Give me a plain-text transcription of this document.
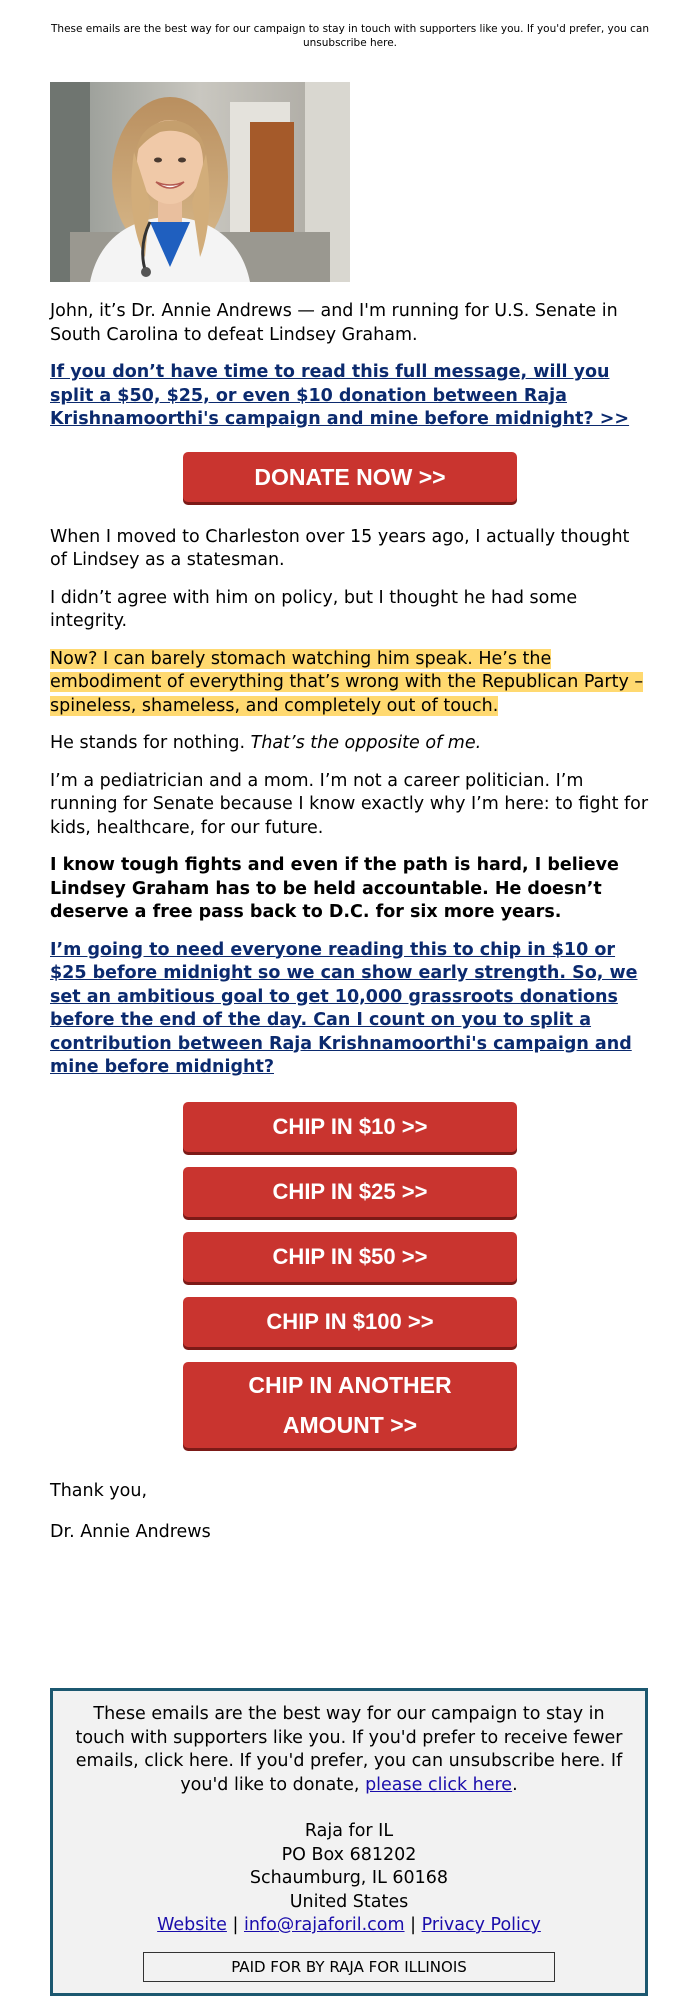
These emails are the best way for our campaign to stay in touch with supporters like you. If you'd prefer, you can unsubscribe here.

John, it’s Dr. Annie Andrews — and I'm running for U.S. Senate in South Carolina to defeat Lindsey Graham.

If you don’t have time to read this full message, will you split a $50, $25, or even $10 donation between Raja Krishnamoorthi's campaign and mine before midnight? >>

DONATE NOW >>

When I moved to Charleston over 15 years ago, I actually thought of Lindsey as a statesman.

I didn’t agree with him on policy, but I thought he had some integrity.

Now? I can barely stomach watching him speak. He’s the embodiment of everything that’s wrong with the Republican Party – spineless, shameless, and completely out of touch.

He stands for nothing. That’s the opposite of me.

I’m a pediatrician and a mom. I’m not a career politician. I’m running for Senate because I know exactly why I’m here: to fight for kids, healthcare, for our future.

I know tough fights and even if the path is hard, I believe Lindsey Graham has to be held accountable. He doesn’t deserve a free pass back to D.C. for six more years.

I’m going to need everyone reading this to chip in $10 or $25 before midnight so we can show early strength. So, we set an ambitious goal to get 10,000 grassroots donations before the end of the day. Can I count on you to split a contribution between Raja Krishnamoorthi's campaign and mine before midnight?

CHIP IN $10 >>
CHIP IN $25 >>
CHIP IN $50 >>
CHIP IN $100 >>
CHIP IN ANOTHER
AMOUNT >>

Thank you,

Dr. Annie Andrews

These emails are the best way for our campaign to stay in touch with supporters like you. If you'd prefer to receive fewer emails, click here. If you'd prefer, you can unsubscribe here. If you'd like to donate, please click here.
Raja for IL
PO Box 681202
Schaumburg, IL 60168
United States
Website | info@rajaforil.com | Privacy Policy
PAID FOR BY RAJA FOR ILLINOIS
